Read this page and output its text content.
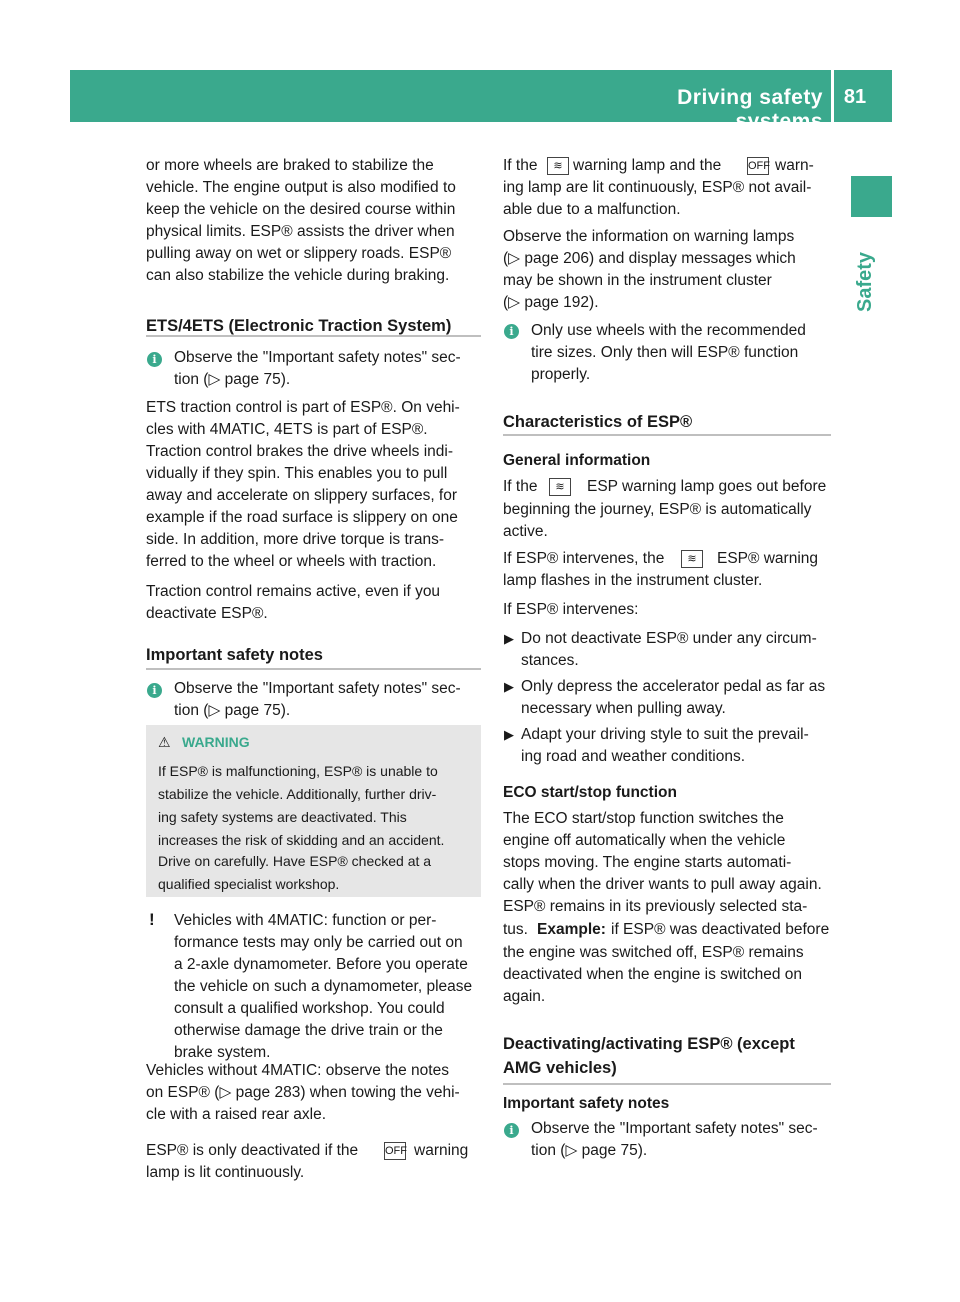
Driving safety systems
81
Safety
or more wheels are braked to stabilize the
vehicle. The engine output is also modified to
keep the vehicle on the desired course within
physical limits. ESP® assists the driver when
pulling away on wet or slippery roads. ESP®
can also stabilize the vehicle during braking.
ETS/4ETS (Electronic Traction System)
i	Observe the "Important safety notes" sec-
tion (▷ page 75).
ETS traction control is part of ESP®. On vehi-
cles with 4MATIC, 4ETS is part of ESP®.
Traction control brakes the drive wheels indi-
vidually if they spin. This enables you to pull
away and accelerate on slippery surfaces, for
example if the road surface is slippery on one
side. In addition, more drive torque is trans-
ferred to the wheel or wheels with traction.
Traction control remains active, even if you
deactivate ESP®.
Important safety notes
i	Observe the "Important safety notes" sec-
tion (▷ page 75).
⚠ WARNING
If ESP® is malfunctioning, ESP® is unable to
stabilize the vehicle. Additionally, further driv-
ing safety systems are deactivated. This
increases the risk of skidding and an accident.
Drive on carefully. Have ESP® checked at a
qualified specialist workshop.
! Vehicles with 4MATIC: function or per-
formance tests may only be carried out on
a 2-axle dynamometer. Before you operate
the vehicle on such a dynamometer, please
consult a qualified workshop. You could
otherwise damage the drive train or the
brake system.
Vehicles without 4MATIC: observe the notes
on ESP® (▷ page 283) when towing the vehi-
cle with a raised rear axle.
ESP® is only deactivated if the OFF warning
lamp is lit continuously.
If the	≋ warning lamp and the OFF warn-
ing lamp are lit continuously, ESP® not avail-
able due to a malfunction.
Observe the information on warning lamps
(▷ page 206) and display messages which
may be shown in the instrument cluster
(▷ page 192).
i	Only use wheels with the recommended
tire sizes. Only then will ESP® function
properly.
Characteristics of ESP®
General information
If the	≋	ESP warning lamp goes out before
beginning the journey, ESP® is automatically
active.
If ESP® intervenes, the	≋	ESP® warning
lamp flashes in the instrument cluster.
If ESP® intervenes:
▶ Do not deactivate ESP® under any circum-
stances.
▶ Only depress the accelerator pedal as far as
necessary when pulling away.
▶ Adapt your driving style to suit the prevail-
ing road and weather conditions.
ECO start/stop function
The ECO start/stop function switches the
engine off automatically when the vehicle
stops moving. The engine starts automati-
cally when the driver wants to pull away again.
ESP® remains in its previously selected sta-
tus. Example: if ESP® was deactivated before
the engine was switched off, ESP® remains
deactivated when the engine is switched on
again.
Deactivating/activating ESP® (except
AMG vehicles)
Important safety notes
i	Observe the "Important safety notes" sec-
tion (▷ page 75).
